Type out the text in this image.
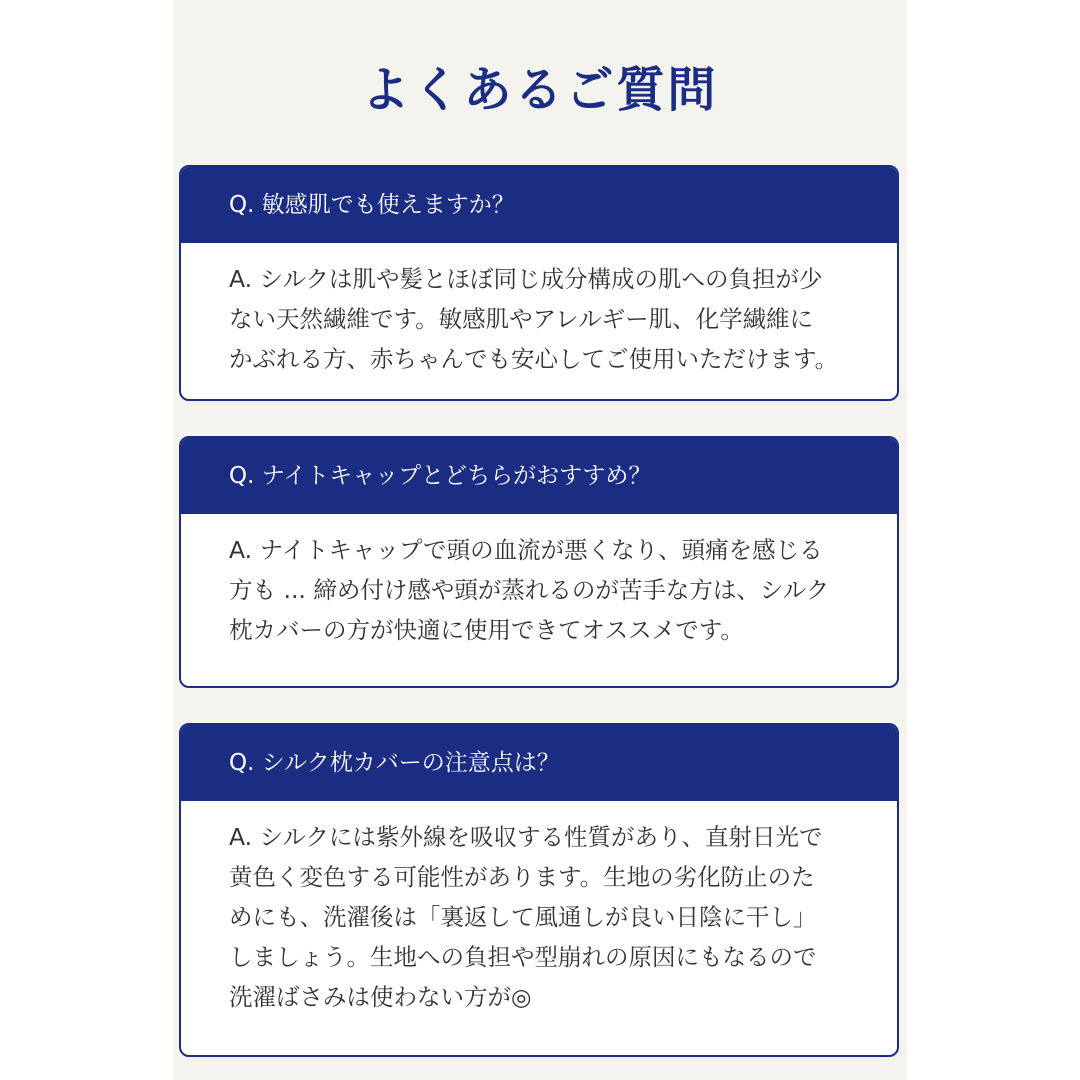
よくあるご質問
Q. 敏感肌でも使えますか？
A. シルクは肌や髪とほぼ同じ成分構成の肌への負担が少
ない天然繊維です。敏感肌やアレルギー肌、化学繊維に
かぶれる方、赤ちゃんでも安心してご使用いただけます。
Q. ナイトキャップとどちらがおすすめ？
A. ナイトキャップで頭の血流が悪くなり、頭痛を感じる
方も ... 締め付け感や頭が蒸れるのが苦手な方は、シルク
枕カバーの方が快適に使用できてオススメです。
Q. シルク枕カバーの注意点は？
A. シルクには紫外線を吸収する性質があり、直射日光で
黄色く変色する可能性があります。生地の劣化防止のた
めにも、洗濯後は「裏返して風通しが良い日陰に干し」
しましょう。生地への負担や型崩れの原因にもなるので
洗濯ばさみは使わない方が◎
